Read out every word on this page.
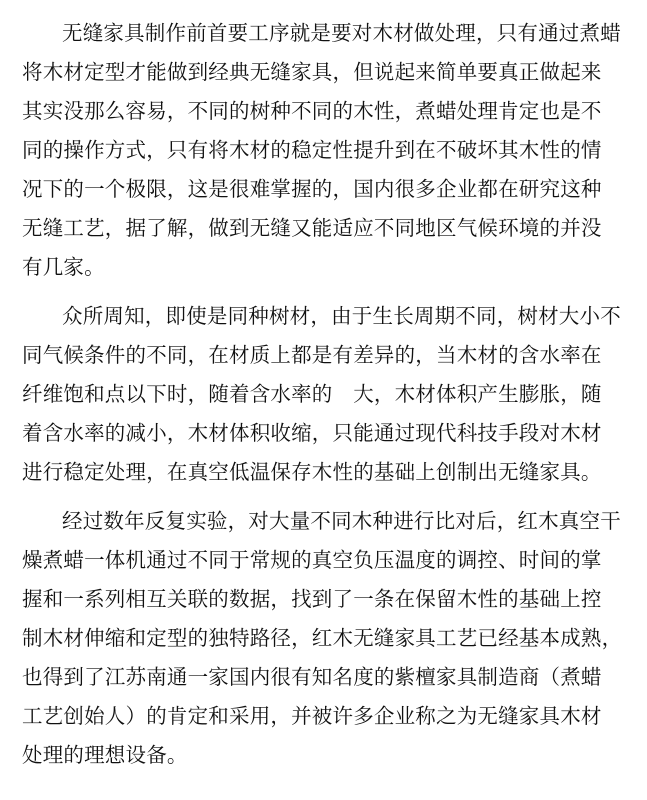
无缝家具制作前首要工序就是要对木材做处理，只有通过煮蜡
将木材定型才能做到经典无缝家具，但说起来简单要真正做起来
其实没那么容易，不同的树种不同的木性，煮蜡处理肯定也是不
同的操作方式，只有将木材的稳定性提升到在不破坏其木性的情
况下的一个极限，这是很难掌握的，国内很多企业都在研究这种
无缝工艺，据了解，做到无缝又能适应不同地区气候环境的并没
有几家。
众所周知，即使是同种树材，由于生长周期不同，树材大小不
同气候条件的不同，在材质上都是有差异的，当木材的含水率在
纤维饱和点以下时，随着含水率的　大，木材体积产生膨胀，随
着含水率的减小，木材体积收缩，只能通过现代科技手段对木材
进行稳定处理，在真空低温保存木性的基础上创制出无缝家具。
经过数年反复实验，对大量不同木种进行比对后，红木真空干
燥煮蜡一体机通过不同于常规的真空负压温度的调控、时间的掌
握和一系列相互关联的数据，找到了一条在保留木性的基础上控
制木材伸缩和定型的独特路径，红木无缝家具工艺已经基本成熟，
也得到了江苏南通一家国内很有知名度的紫檀家具制造商（煮蜡
工艺创始人）的肯定和采用，并被许多企业称之为无缝家具木材
处理的理想设备。
